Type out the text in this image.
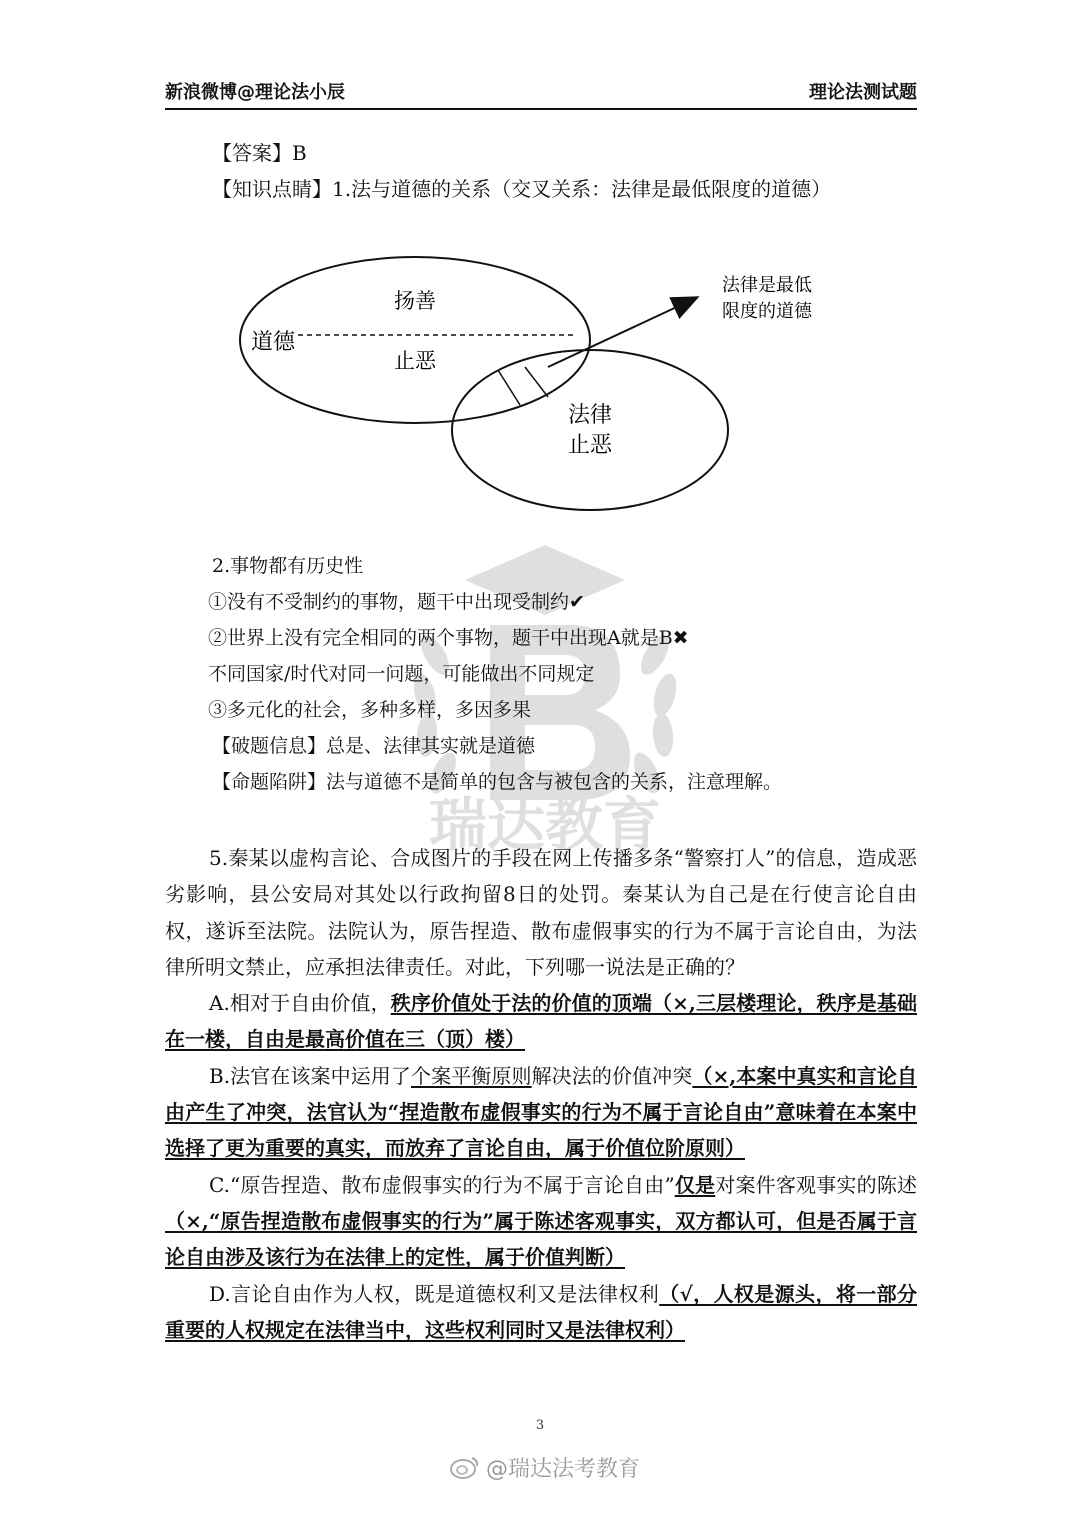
新浪微博@理论法小辰	理论法测试题
瑞达教育
【答案】B
【知识点睛】1.法与道德的关系（交叉关系：法律是最低限度的道德）
扬善
道德
止恶
法律
止恶
法律是最低
限度的道德
2.事物都有历史性
①没有不受制约的事物，题干中出现受制约✔
②世界上没有完全相同的两个事物，题干中出现A就是B✖
不同国家/时代对同一问题，可能做出不同规定
③多元化的社会，多种多样，多因多果
【破题信息】总是、法律其实就是道德
【命题陷阱】法与道德不是简单的包含与被包含的关系，注意理解。

5.秦某以虚构言论、合成图片的手段在网上传播多条“警察打人”的信息，造成恶劣影响，县公安局对其处以行政拘留8日的处罚。秦某认为自己是在行使言论自由权，遂诉至法院。法院认为，原告捏造、散布虚假事实的行为不属于言论自由，为法律所明文禁止，应承担法律责任。对此，下列哪一说法是正确的？

A.相对于自由价值，秩序价值处于法的价值的顶端（×,三层楼理论，秩序是基础在一楼，自由是最高价值在三（顶）楼）

B.法官在该案中运用了个案平衡原则解决法的价值冲突（×,本案中真实和言论自由产生了冲突，法官认为“捏造散布虚假事实的行为不属于言论自由”意味着在本案中选择了更为重要的真实，而放弃了言论自由，属于价值位阶原则）

C.“原告捏造、散布虚假事实的行为不属于言论自由”仅是对案件客观事实的陈述（×,“原告捏造散布虚假事实的行为”属于陈述客观事实，双方都认可，但是否属于言论自由涉及该行为在法律上的定性，属于价值判断）

D.言论自由作为人权，既是道德权利又是法律权利（√，人权是源头，将一部分重要的人权规定在法律当中，这些权利同时又是法律权利）

3
@瑞达法考教育
